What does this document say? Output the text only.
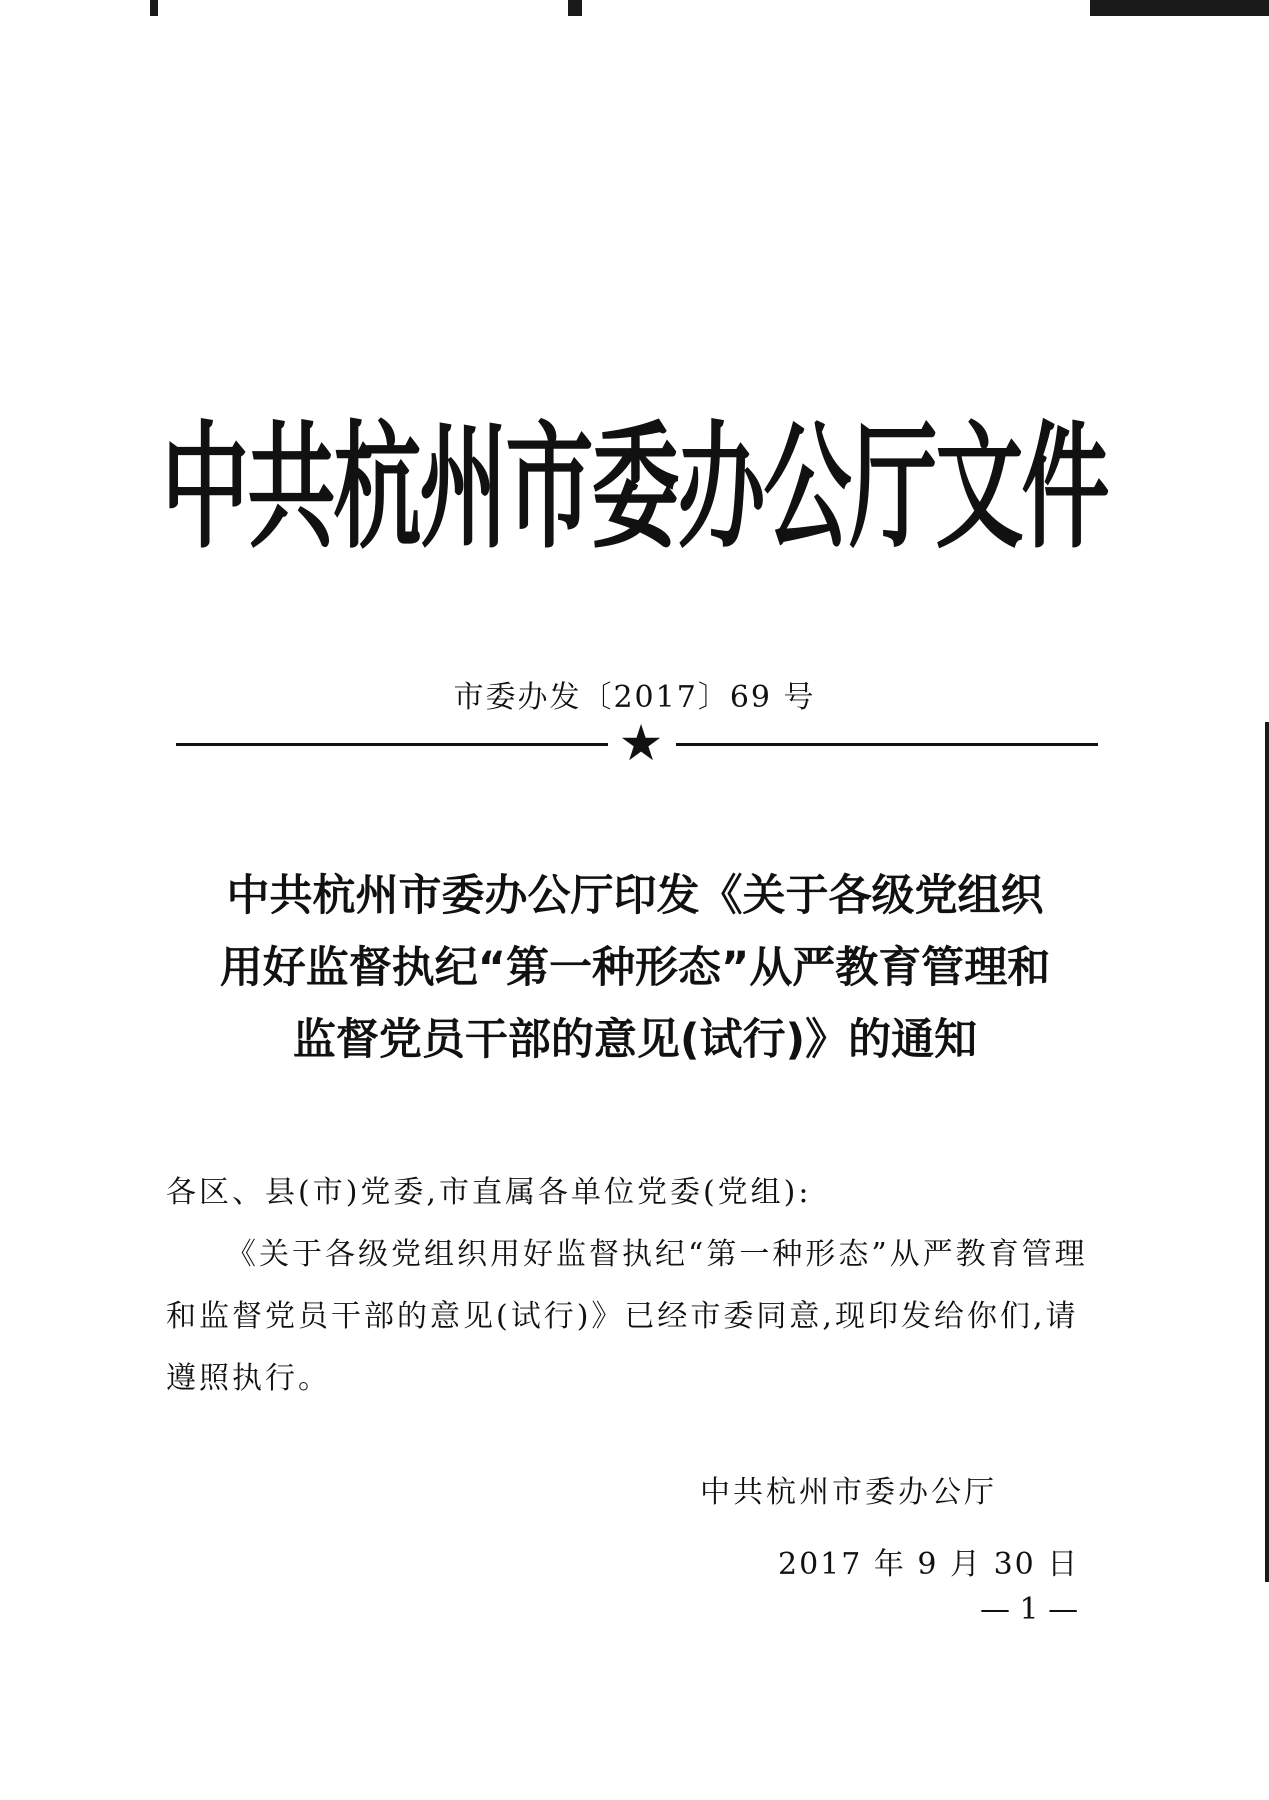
中共杭州市委办公厅文件
市委办发〔2017〕69 号
★
中共杭州市委办公厅印发《关于各级党组织
用好监督执纪“第一种形态”从严教育管理和
监督党员干部的意见(试行)》的通知

各区、县(市)党委,市直属各单位党委(党组):

《关于各级党组织用好监督执纪“第一种形态”从严教育管理和监督党员干部的意见(试行)》已经市委同意,现印发给你们,请遵照执行。

中共杭州市委办公厅
2017 年 9 月 30 日
— 1 —
